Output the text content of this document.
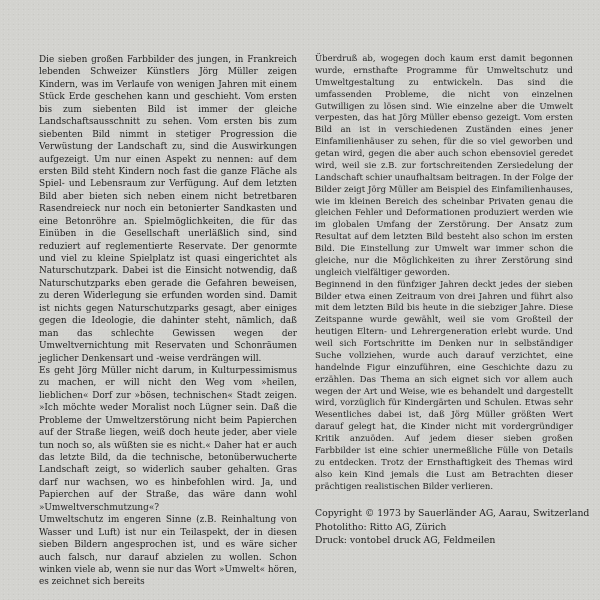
Die sieben großen Farbbilder des jungen, in Frankreich lebenden Schweizer Künstlers Jörg Müller zeigen Kindern, was im Verlaufe von wenigen Jahren mit einem Stück Erde geschehen kann und geschieht. Vom ersten bis zum siebenten Bild ist immer der gleiche Landschaftsausschnitt zu sehen. Vom ersten bis zum siebenten Bild nimmt in stetiger Progression die Verwüstung der Landschaft zu, sind die Auswirkungen aufgezeigt. Um nur einen Aspekt zu nennen: auf dem ersten Bild steht Kindern noch fast die ganze Fläche als Spiel- und Lebensraum zur Verfügung. Auf dem letzten Bild aber bieten sich neben einem nicht betretbaren Rasendreieck nur noch ein betonierter Sandkasten und eine Betonröhre an. Spielmöglichkeiten, die für das Einüben in die Gesellschaft unerläßlich sind, sind reduziert auf reglementierte Reservate. Der genormte und viel zu kleine Spielplatz ist quasi eingerichtet als Naturschutzpark. Dabei ist die Einsicht notwendig, daß Naturschutzparks eben gerade die Gefahren beweisen, zu deren Widerlegung sie erfunden worden sind. Damit ist nichts gegen Naturschutzparks gesagt, aber einiges gegen die Ideologie, die dahinter steht, nämlich, daß man das schlechte Gewissen wegen der Umweltvernichtung mit Reservaten und Schonräumen jeglicher Denkensart und -weise verdrängen will.

Es geht Jörg Müller nicht darum, in Kulturpessimismus zu machen, er will nicht den Weg vom »heilen, lieblichen« Dorf zur »bösen, technischen« Stadt zeigen. »Ich möchte weder Moralist noch Lügner sein. Daß die Probleme der Umweltzerstörung nicht beim Papierchen auf der Straße liegen, weiß doch heute jeder, aber viele tun noch so, als wüßten sie es nicht.« Daher hat er auch das letzte Bild, da die technische, betonüberwucherte Landschaft zeigt, so widerlich sauber gehalten. Gras darf nur wachsen, wo es hinbefohlen wird. Ja, und Papierchen auf der Straße, das wäre dann wohl »Umweltverschmutzung«?

Umweltschutz im engeren Sinne (z.B. Reinhaltung von Wasser und Luft) ist nur ein Teilaspekt, der in diesen sieben Bildern angesprochen ist, und es wäre sicher auch falsch, nur darauf abzielen zu wollen. Schon winken viele ab, wenn sie nur das Wort »Umwelt« hören, es zeichnet sich bereits

Überdruß ab, wogegen doch kaum erst damit begonnen wurde, ernsthafte Programme für Umweltschutz und Umweltgestaltung zu entwickeln. Das sind die umfassenden Probleme, die nicht von einzelnen Gutwilligen zu lösen sind. Wie einzelne aber die Umwelt verpesten, das hat Jörg Müller ebenso gezeigt. Vom ersten Bild an ist in verschiedenen Zuständen eines jener Einfamilienhäuser zu sehen, für die so viel geworben und getan wird, gegen die aber auch schon ebensoviel geredet wird, weil sie z.B. zur fortschreitenden Zersiedelung der Landschaft schier unaufhaltsam beitragen. In der Folge der Bilder zeigt Jörg Müller am Beispiel des Einfamilienhauses, wie im kleinen Bereich des scheinbar Privaten genau die gleichen Fehler und Deformationen produziert werden wie im globalen Umfang der Zerstörung. Der Ansatz zum Resultat auf dem letzten Bild besteht also schon im ersten Bild. Die Einstellung zur Umwelt war immer schon die gleiche, nur die Möglichkeiten zu ihrer Zerstörung sind ungleich vielfältiger geworden.

Beginnend in den fünfziger Jahren deckt jedes der sieben Bilder etwa einen Zeitraum von drei Jahren und führt also mit dem letzten Bild bis heute in die siebziger Jahre. Diese Zeitspanne wurde gewählt, weil sie vom Großteil der heutigen Eltern- und Lehrergeneration erlebt wurde. Und weil sich Fortschritte im Denken nur in selbständiger Suche vollziehen, wurde auch darauf verzichtet, eine handelnde Figur einzuführen, eine Geschichte dazu zu erzählen. Das Thema an sich eignet sich vor allem auch wegen der Art und Weise, wie es behandelt und dargestellt wird, vorzüglich für Kindergärten und Schulen. Etwas sehr Wesentliches dabei ist, daß Jörg Müller größten Wert darauf gelegt hat, die Kinder nicht mit vordergründiger Kritik anzuöden. Auf jedem dieser sieben großen Farbbilder ist eine schier unermeßliche Fülle von Details zu entdecken. Trotz der Ernsthaftigkeit des Themas wird also kein Kind jemals die Lust am Betrachten dieser prächtigen realistischen Bilder verlieren.

Copyright © 1973 by Sauerländer AG, Aarau, Switzerland
Photolitho: Ritto AG, Zürich
Druck: vontobel druck AG, Feldmeilen
